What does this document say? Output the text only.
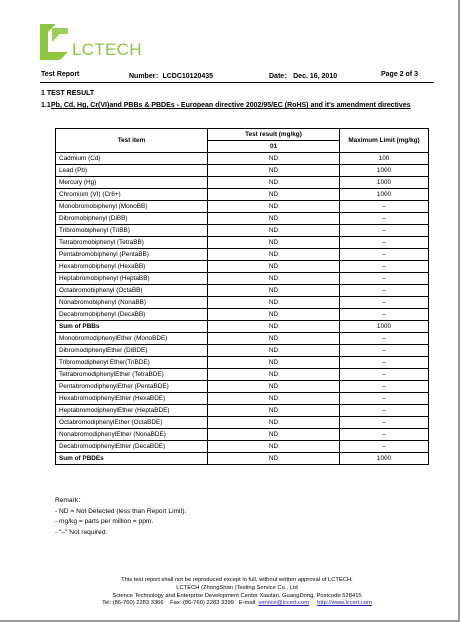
LCTECH
Test Report	Number：LCDC10120435	Date： Dec. 16, 2010	Page 2 of 3
1 TEST RESULT
1.1 Pb, Cd, Hg, Cr(VI)and PBBs & PBDEs - European directive 2002/95/EC (RoHS) and it's amendment directives
Test item	Test result (mg/kg)	Maximum Limit (mg/kg)
	01	
Cadmium (Cd)	ND	100
Lead (Pb)	ND	1000
Mercury (Hg)	ND	1000
Chromium (VI) (Cr6+)	ND	1000
Monobromobiphenyl (MonoBB)	ND	–
Dibromobiphenyl (DiBB)	ND	–
Tribromobiphenyl (TriBB)	ND	–
Tetrabromobiphenyl (TetraBB)	ND	–
Pentabromobiphenyl (PentaBB)	ND	–
Hexabromobiphenyl (HexaBB)	ND	–
Heptabromobiphenyl (HeptaBB)	ND	–
Octabromobiphenyl (OctaBB)	ND	–
Nonabromobiphenyl (NonaBB)	ND	–
Decabromobiphenyl (DecaBB)	ND	–
Sum of PBBs	ND	1000
MonobromodiphenylEther (MonoBDE)	ND	–
DibromodiphenylEther (DiBDE)	ND	–
Tribromodiphenyl Ether(TriBDE)	ND	–
TetrabromodiphenylEther (TetraBDE)	ND	–
PentabromodiphenylEther (PentaBDE)	ND	–
HexabromodiphenylEther (HexaBDE)	ND	–
HeptabromodiphenylEther (HeptaBDE)	ND	–
OctabromodiphenylEther (OctaBDE)	ND	–
NonabromodiphenylEther (NonaBDE)	ND	–
DecabromodiphenylEther (DecaBDE)	ND	–
Sum of PBDEs	ND	1000
Remark：
- ND = Not Detected (less than Report Limit).
- mg/kg = parts per million = ppm.
- "–" Not required.
This test report shall not be reproduced except in full, without written approval of LCTECH.
LCTECH (ZhongShan )Testing Service Co., Ltd
Science Technology and Enterprise Development Center Xiaolan, GuangDong, Postcode 528415
Tel: (86-760) 2283 3366 Fax: (86-760) 2283 3399 E-mail: service@lccert.com http://www.lccert.com
